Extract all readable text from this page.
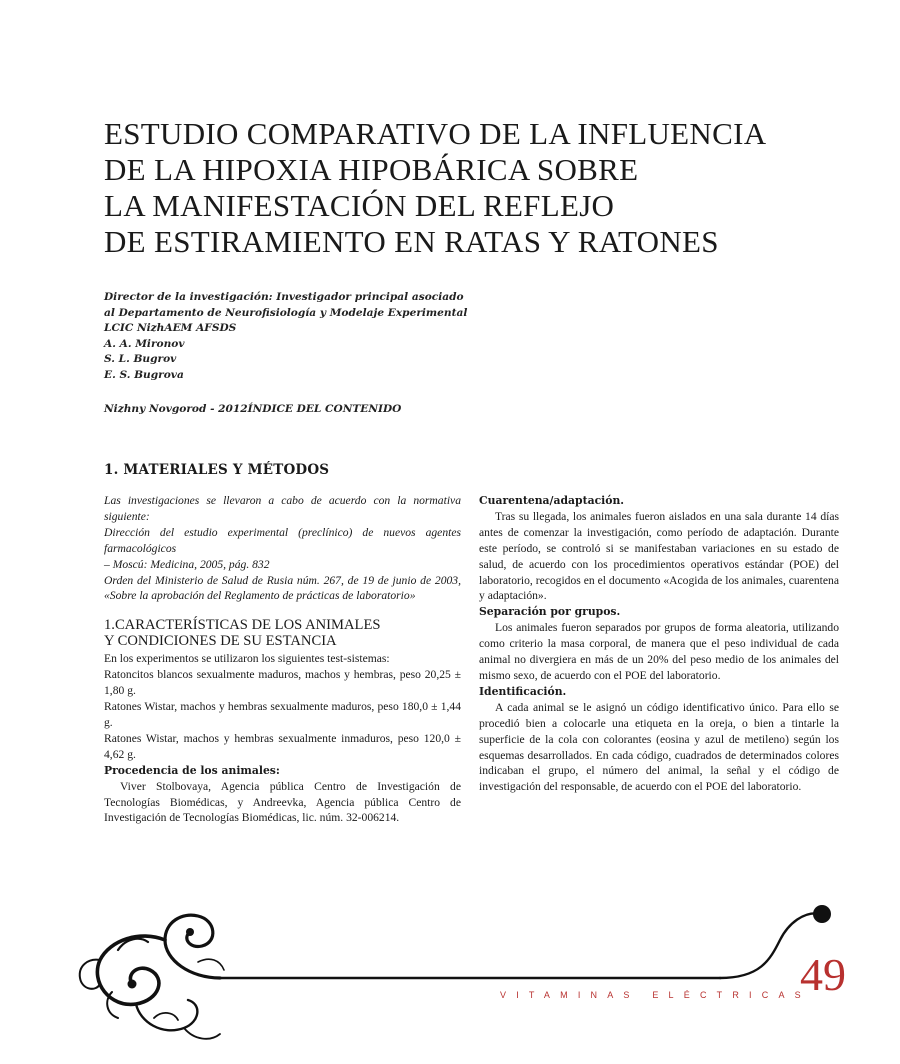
ESTUDIO COMPARATIVO DE LA INFLUENCIA
DE LA HIPOXIA HIPOBÁRICA SOBRE
LA MANIFESTACIÓN DEL REFLEJO
DE ESTIRAMIENTO EN RATAS Y RATONES
Director de la investigación: Investigador principal asociado
al Departamento de Neurofisiología y Modelaje Experimental
LCIC NizhAEM AFSDS
A. A. Mironov
S. L. Bugrov
E. S. Bugrova
Nizhny Novgorod - 2012ÍNDICE DEL CONTENIDO
1. MATERIALES Y MÉTODOS

Las investigaciones se llevaron a cabo de acuerdo con la normativa siguiente:

Dirección del estudio experimental (preclínico) de nuevos agentes farmacológicos

– Moscú: Medicina, 2005, pág. 832

Orden del Ministerio de Salud de Rusia núm. 267, de 19 de junio de 2003, «Sobre la aprobación del Reglamento de prácticas de laboratorio»

1.CARACTERÍSTICAS DE LOS ANIMALES
Y CONDICIONES DE SU ESTANCIA

En los experimentos se utilizaron los siguientes test-sistemas:

Ratoncitos blancos sexualmente maduros, machos y hembras, peso 20,25 ± 1,80 g.

Ratones Wistar, machos y hembras sexualmente maduros, peso 180,0 ± 1,44 g.

Ratones Wistar, machos y hembras sexualmente inmaduros, peso 120,0 ± 4,62 g.

Procedencia de los animales:

Viver Stolbovaya, Agencia pública Centro de Investigación de Tecnologías Biomédicas, y Andreevka, Agencia pública Centro de Investigación de Tecnologías Biomédicas, lic. núm. 32-006214.

Cuarentena/adaptación.

Tras su llegada, los animales fueron aislados en una sala durante 14 días antes de comenzar la investigación, como período de adaptación. Durante este período, se controló si se manifestaban variaciones en su estado de salud, de acuerdo con los procedimientos operativos estándar (POE) del laboratorio, recogidos en el documento «Acogida de los animales, cuarentena y adaptación».

Separación por grupos.

Los animales fueron separados por grupos de forma aleatoria, utilizando como criterio la masa corporal, de manera que el peso individual de cada animal no divergiera en más de un 20% del peso medio de los animales del mismo sexo, de acuerdo con el POE del laboratorio.

Identificación.

A cada animal se le asignó un código identificativo único. Para ello se procedió bien a colocarle una etiqueta en la oreja, o bien a tintarle la superficie de la cola con colorantes (eosina y azul de metileno) según los esquemas desarrollados. En cada código, cuadrados de determinados colores indicaban el grupo, el número del animal, la señal y el código de investigación del responsable, de acuerdo con el POE del laboratorio.

VITAMINAS ELÉCTRICAS
49
